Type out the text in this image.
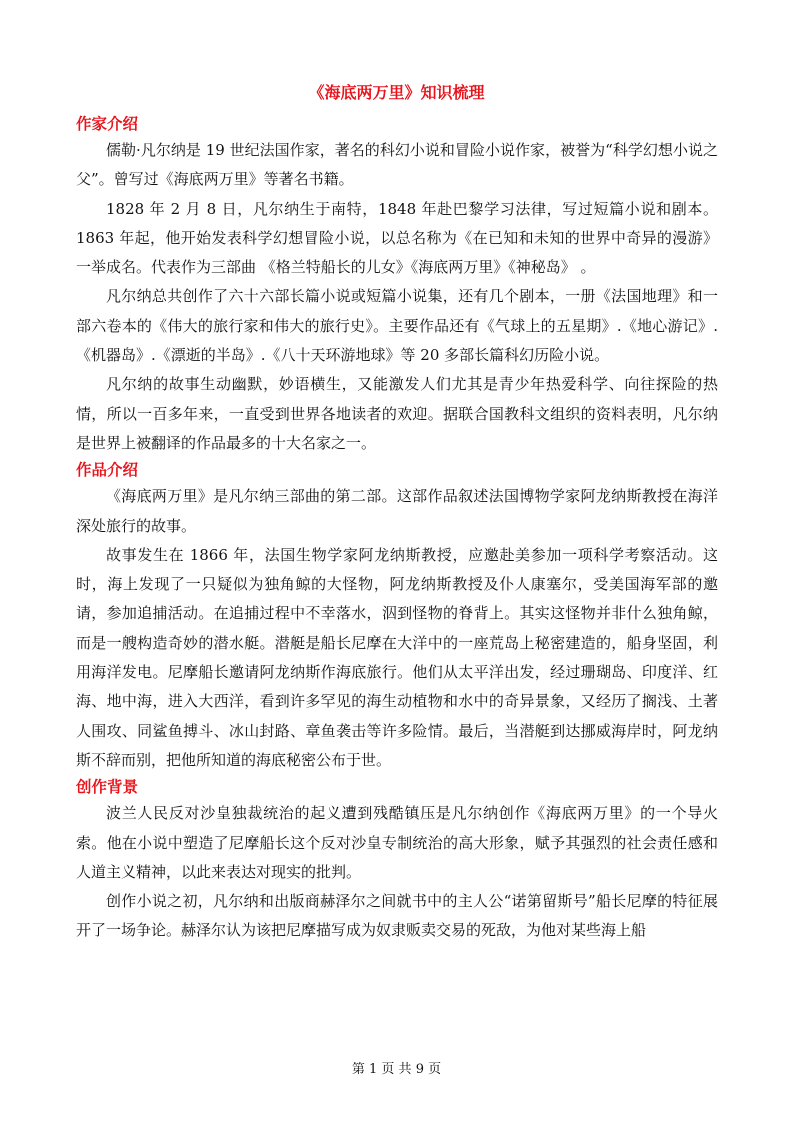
《海底两万里》知识梳理
作家介绍

儒勒·凡尔纳是 19 世纪法国作家，著名的科幻小说和冒险小说作家，被誉为“科学幻想小说之父”。曾写过《海底两万里》等著名书籍。

1828 年 2 月 8 日，凡尔纳生于南特，1848 年赴巴黎学习法律，写过短篇小说和剧本。1863 年起，他开始发表科学幻想冒险小说，以总名称为《在已知和未知的世界中奇异的漫游》一举成名。代表作为三部曲 《格兰特船长的儿女》《海底两万里》《神秘岛》 。

凡尔纳总共创作了六十六部长篇小说或短篇小说集，还有几个剧本，一册《法国地理》和一部六卷本的《伟大的旅行家和伟大的旅行史》。主要作品还有《气球上的五星期》.《地心游记》.《机器岛》.《漂逝的半岛》.《八十天环游地球》等 20 多部长篇科幻历险小说。

凡尔纳的故事生动幽默，妙语横生，又能激发人们尤其是青少年热爱科学、向往探险的热情，所以一百多年来，一直受到世界各地读者的欢迎。据联合国教科文组织的资料表明，凡尔纳是世界上被翻译的作品最多的十大名家之一。

作品介绍

《海底两万里》是凡尔纳三部曲的第二部。这部作品叙述法国博物学家阿龙纳斯教授在海洋深处旅行的故事。

故事发生在 1866 年，法国生物学家阿龙纳斯教授，应邀赴美参加一项科学考察活动。这时，海上发现了一只疑似为独角鲸的大怪物，阿龙纳斯教授及仆人康塞尔，受美国海军部的邀请，参加追捕活动。在追捕过程中不幸落水，泅到怪物的脊背上。其实这怪物并非什么独角鲸，而是一艘构造奇妙的潜水艇。潜艇是船长尼摩在大洋中的一座荒岛上秘密建造的，船身坚固，利用海洋发电。尼摩船长邀请阿龙纳斯作海底旅行。他们从太平洋出发，经过珊瑚岛、印度洋、红海、地中海，进入大西洋，看到许多罕见的海生动植物和水中的奇异景象，又经历了搁浅、土著人围攻、同鲨鱼搏斗、冰山封路、章鱼袭击等许多险情。最后，当潜艇到达挪威海岸时，阿龙纳斯不辞而别，把他所知道的海底秘密公布于世。

创作背景

波兰人民反对沙皇独裁统治的起义遭到残酷镇压是凡尔纳创作《海底两万里》的一个导火索。他在小说中塑造了尼摩船长这个反对沙皇专制统治的高大形象，赋予其强烈的社会责任感和人道主义精神，以此来表达对现实的批判。

创作小说之初，凡尔纳和出版商赫泽尔之间就书中的主人公“诺第留斯号”船长尼摩的特征展开了一场争论。赫泽尔认为该把尼摩描写成为奴隶贩卖交易的死敌，为他对某些海上船

第 1 页 共 9 页
